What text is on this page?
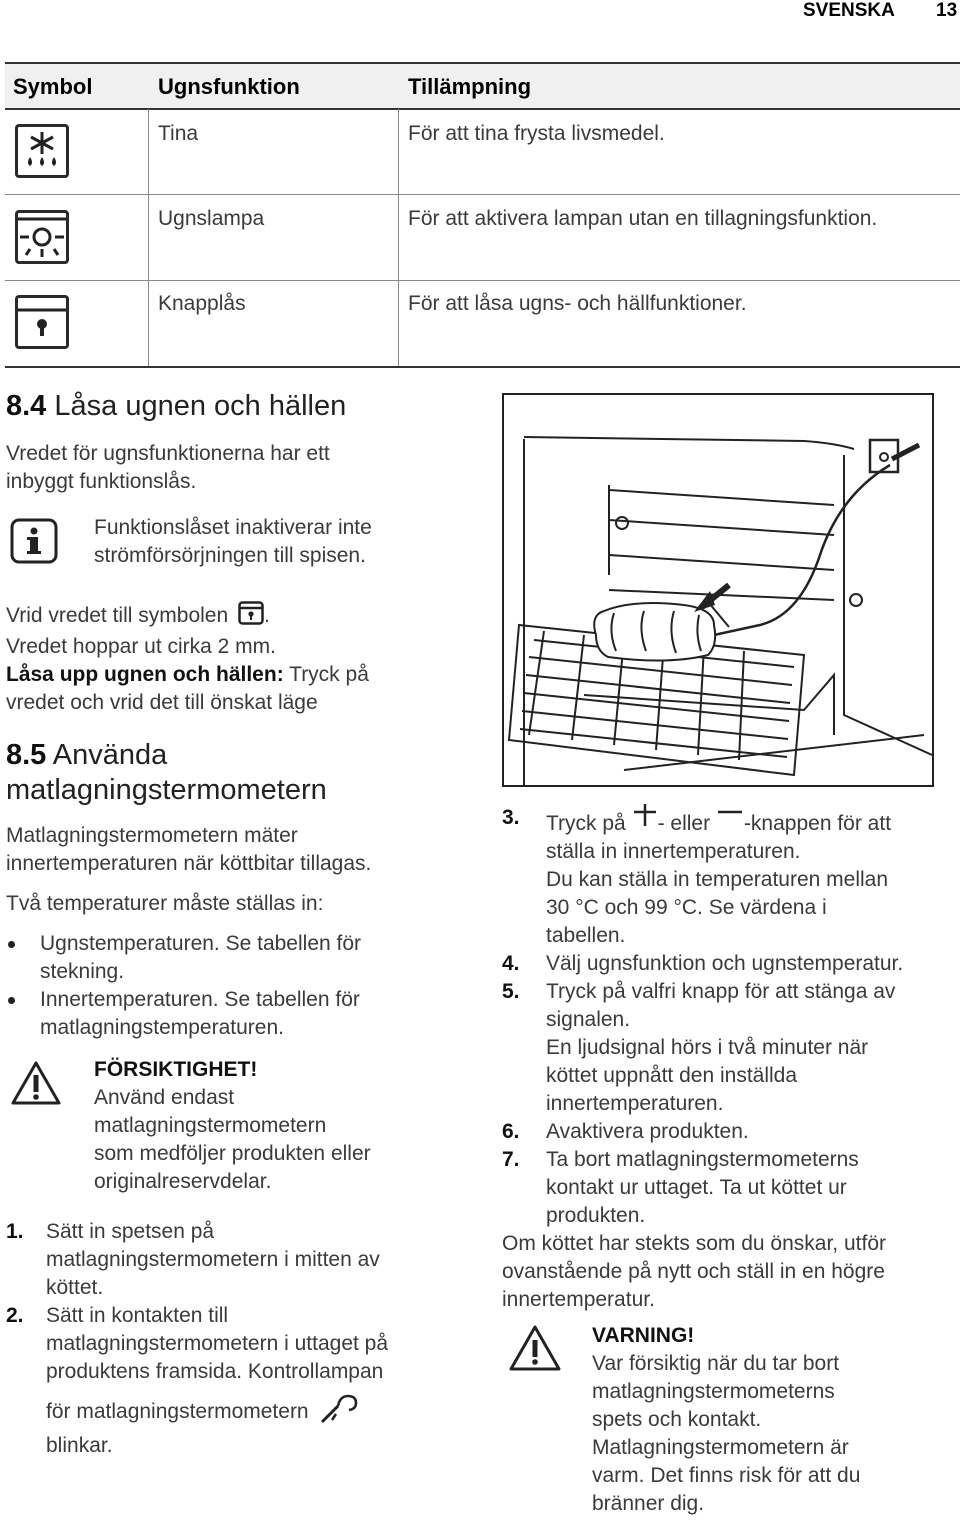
SVENSKA 13
Symbol	Ugnsfunktion	Tillämpning
Tina	För att tina frysta livsmedel.
Ugnslampa	För att aktivera lampan utan en tillagningsfunktion.
Knapplås	För att låsa ugns- och hällfunktioner.
8.4 Låsa ugnen och hällen
Vredet för ugnsfunktionerna har ett
inbyggt funktionslås.
Funktionslåset inaktiverar inte
strömförsörjningen till spisen.
Vrid vredet till symbolen .
Vredet hoppar ut cirka 2 mm.
Låsa upp ugnen och hällen: Tryck på
vredet och vrid det till önskat läge
8.5 Använda
matlagningstermometern
Matlagningstermometern mäter
innertemperaturen när köttbitar tillagas.
Två temperaturer måste ställas in:
Ugnstemperaturen. Se tabellen för
stekning.
Innertemperaturen. Se tabellen för
matlagningstemperaturen.
FÖRSIKTIGHET!
Använd endast
matlagningstermometern
som medföljer produkten eller
originalreservdelar.
1.	Sätt in spetsen på
matlagningstermometern i mitten av
köttet.
2.	Sätt in kontakten till
matlagningstermometern i uttaget på
produktens framsida. Kontrollampan
för matlagningstermometern
blinkar.
3.	Tryck på - eller -knappen för att
ställa in innertemperaturen.
Du kan ställa in temperaturen mellan
30 °C och 99 °C. Se värdena i
tabellen.
4.	Välj ugnsfunktion och ugnstemperatur.
5.	Tryck på valfri knapp för att stänga av
signalen.
En ljudsignal hörs i två minuter när
köttet uppnått den inställda
innertemperaturen.
6.	Avaktivera produkten.
7.	Ta bort matlagningstermometerns
kontakt ur uttaget. Ta ut köttet ur
produkten.
Om köttet har stekts som du önskar, utför
ovanstående på nytt och ställ in en högre
innertemperatur.
VARNING!
Var försiktig när du tar bort
matlagningstermometerns
spets och kontakt.
Matlagningstermometern är
varm. Det finns risk för att du
bränner dig.
